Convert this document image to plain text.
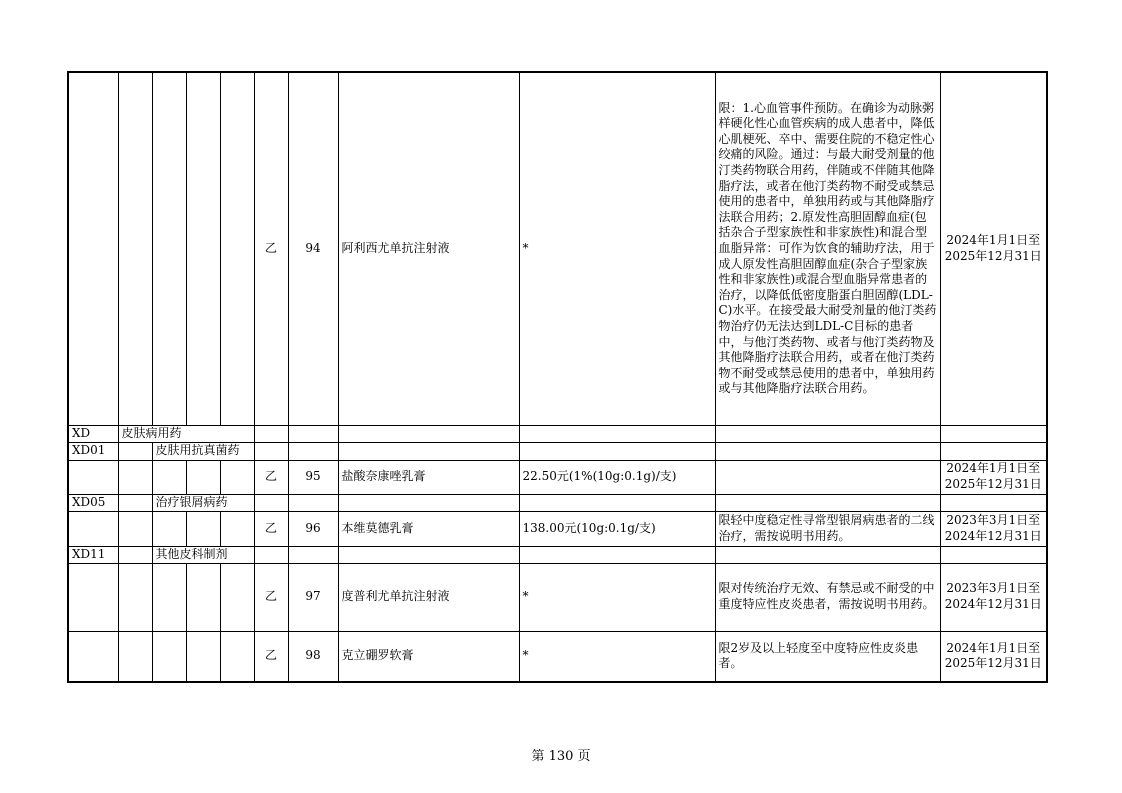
					乙	94	阿利西尤单抗注射液	*	限：1.心血管事件预防。在确诊为动脉粥样硬化性心血管疾病的成人患者中，降低心肌梗死、卒中、需要住院的不稳定性心绞痛的风险。通过：与最大耐受剂量的他汀类药物联合用药，伴随或不伴随其他降脂疗法，或者在他汀类药物不耐受或禁忌使用的患者中，单独用药或与其他降脂疗法联合用药；2.原发性高胆固醇血症(包括杂合子型家族性和非家族性)和混合型血脂异常：可作为饮食的辅助疗法，用于成人原发性高胆固醇血症(杂合子型家族性和非家族性)或混合型血脂异常患者的治疗，以降低低密度脂蛋白胆固醇(LDL-C)水平。在接受最大耐受剂量的他汀类药物治疗仍无法达到LDL-C目标的患者中，与他汀类药物、或者与他汀类药物及其他降脂疗法联合用药，或者在他汀类药物不耐受或禁忌使用的患者中，单独用药或与其他降脂疗法联合用药。	2024年1月1日至
2025年12月31日

XD	皮肤病用药									
XD01		皮肤用抗真菌药								
					乙	95	盐酸奈康唑乳膏	22.50元(1%(10g:0.1g)/支)		2024年1月1日至
2025年12月31日

XD05		治疗银屑病药								
					乙	96	本维莫德乳膏	138.00元(10g:0.1g/支)	限轻中度稳定性寻常型银屑病患者的二线治疗，需按说明书用药。	2023年3月1日至
2024年12月31日

XD11		其他皮科制剂								
					乙	97	度普利尤单抗注射液	*	限对传统治疗无效、有禁忌或不耐受的中重度特应性皮炎患者，需按说明书用药。	2023年3月1日至
2024年12月31日

					乙	98	克立硼罗软膏	*	限2岁及以上轻度至中度特应性皮炎患者。	2024年1月1日至
2025年12月31日
第 130 页
